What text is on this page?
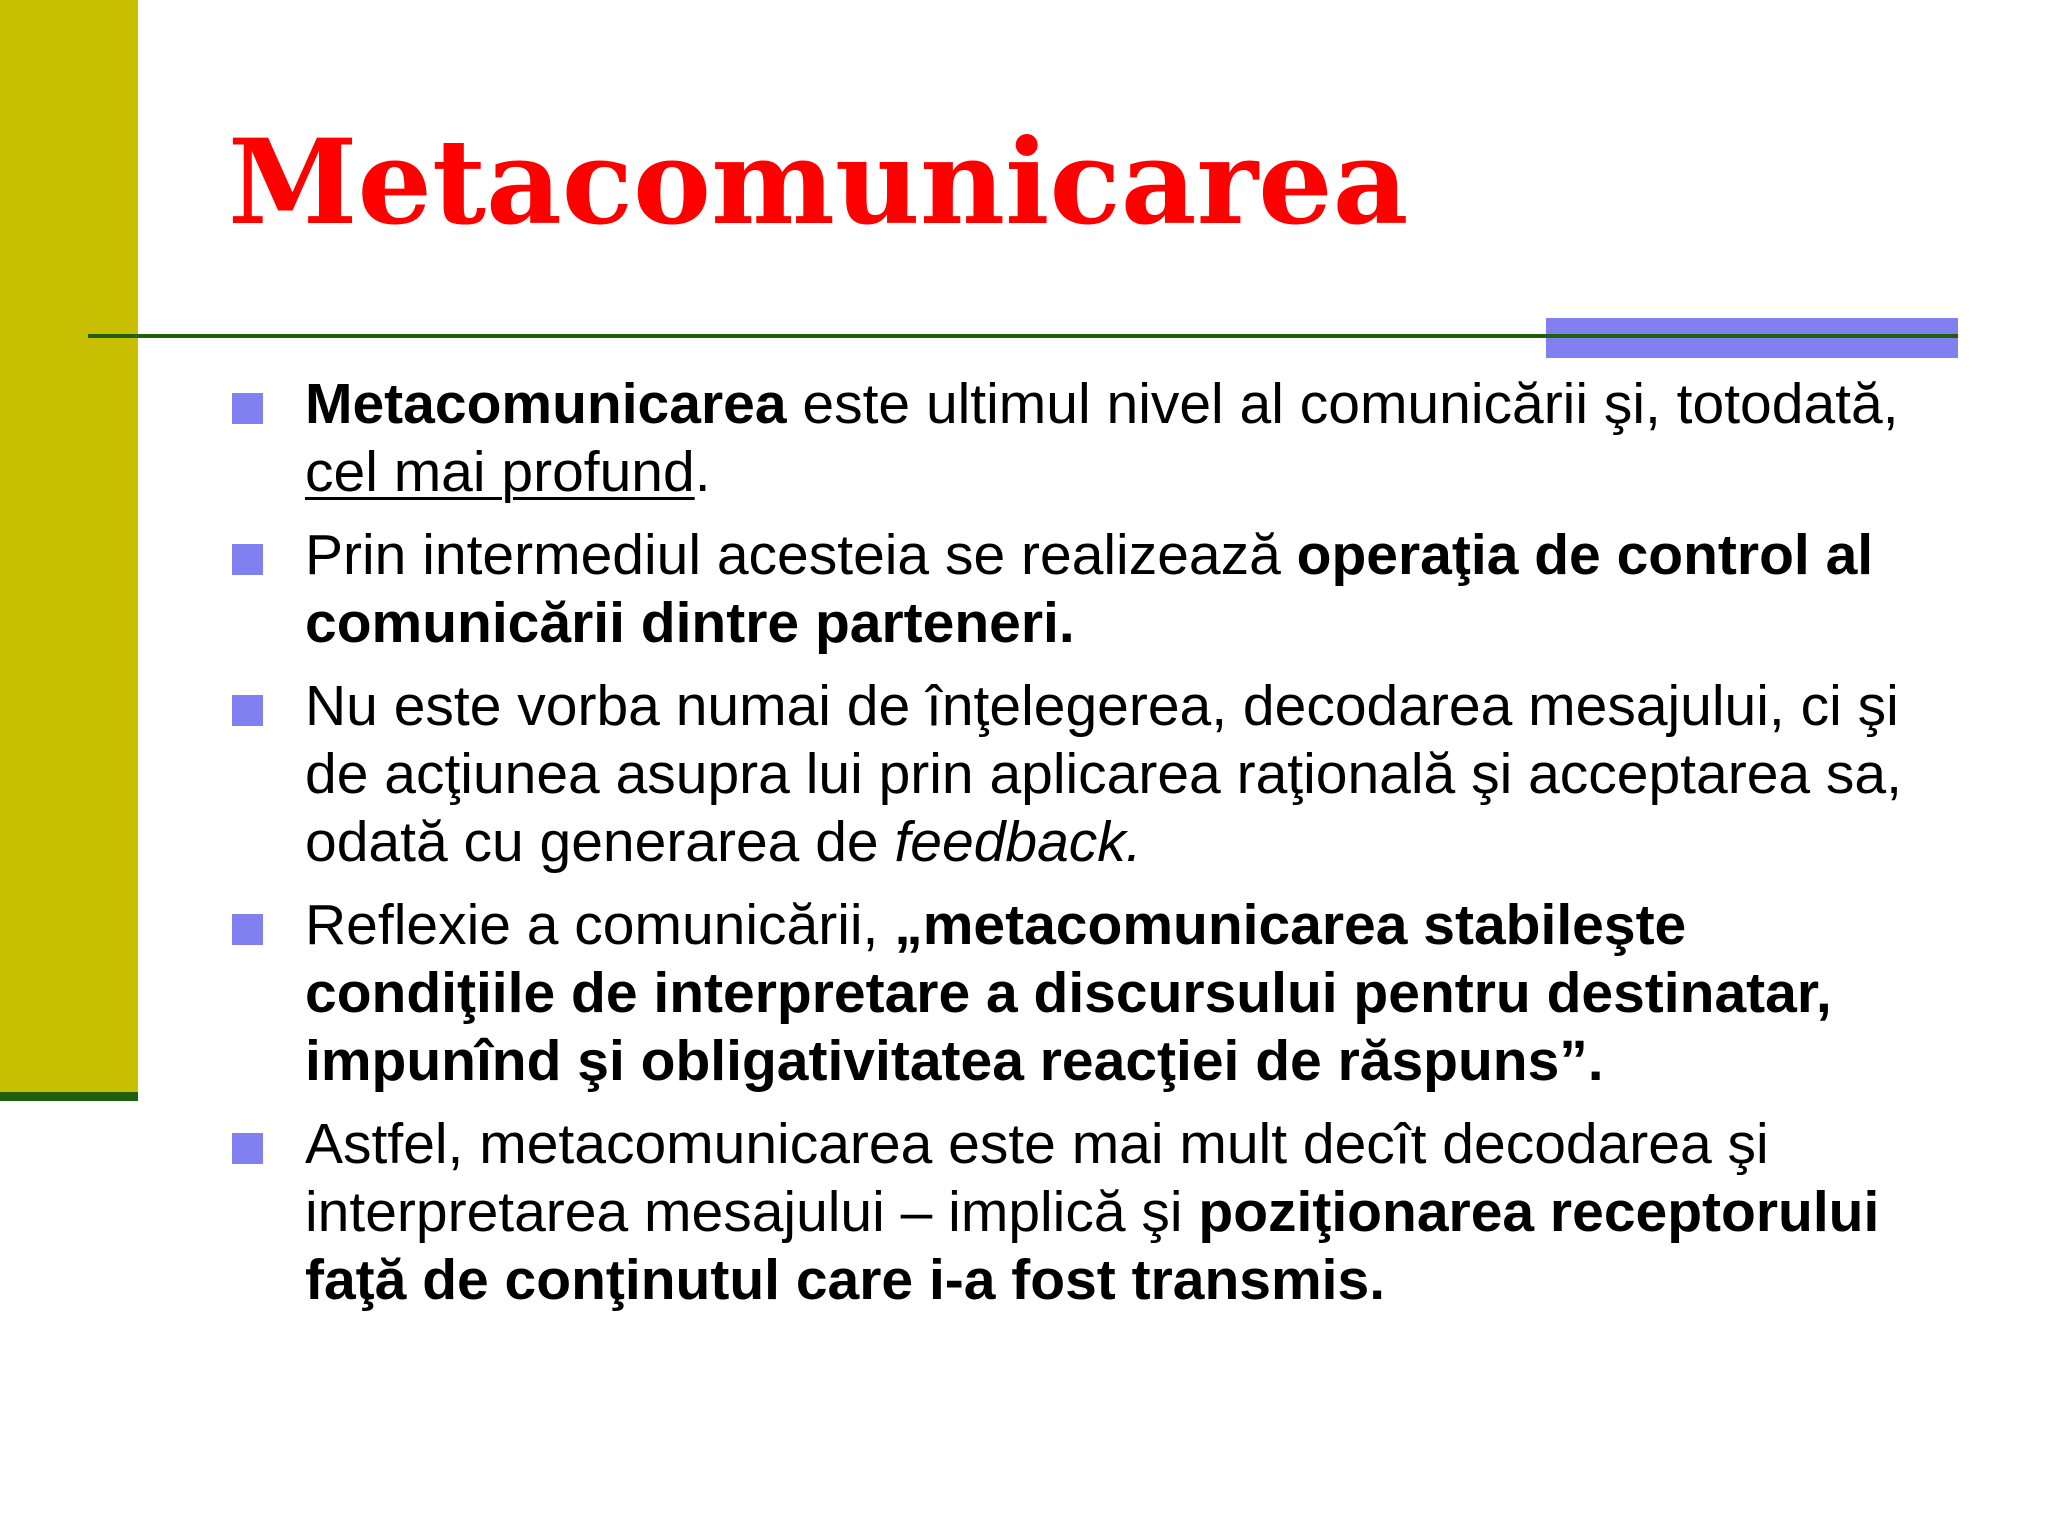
Metacomunicarea
Metacomunicarea este ultimul nivel al comunicării şi, totodată, cel mai profund.
Prin intermediul acesteia se realizează operaţia de control al comunicării dintre parteneri.
Nu este vorba numai de înţelegerea, decodarea mesajului, ci şi de acţiunea asupra lui prin aplicarea raţională şi acceptarea sa, odată cu generarea de feedback.
Reflexie a comunicării, „metacomunicarea stabileşte condiţiile de interpretare a discursului pentru destinatar, impunînd şi obligativitatea reacţiei de răspuns”.
Astfel, metacomunicarea este mai mult decît decodarea şi interpretarea mesajului – implică şi poziţionarea receptorului faţă de conţinutul care i-a fost transmis.
